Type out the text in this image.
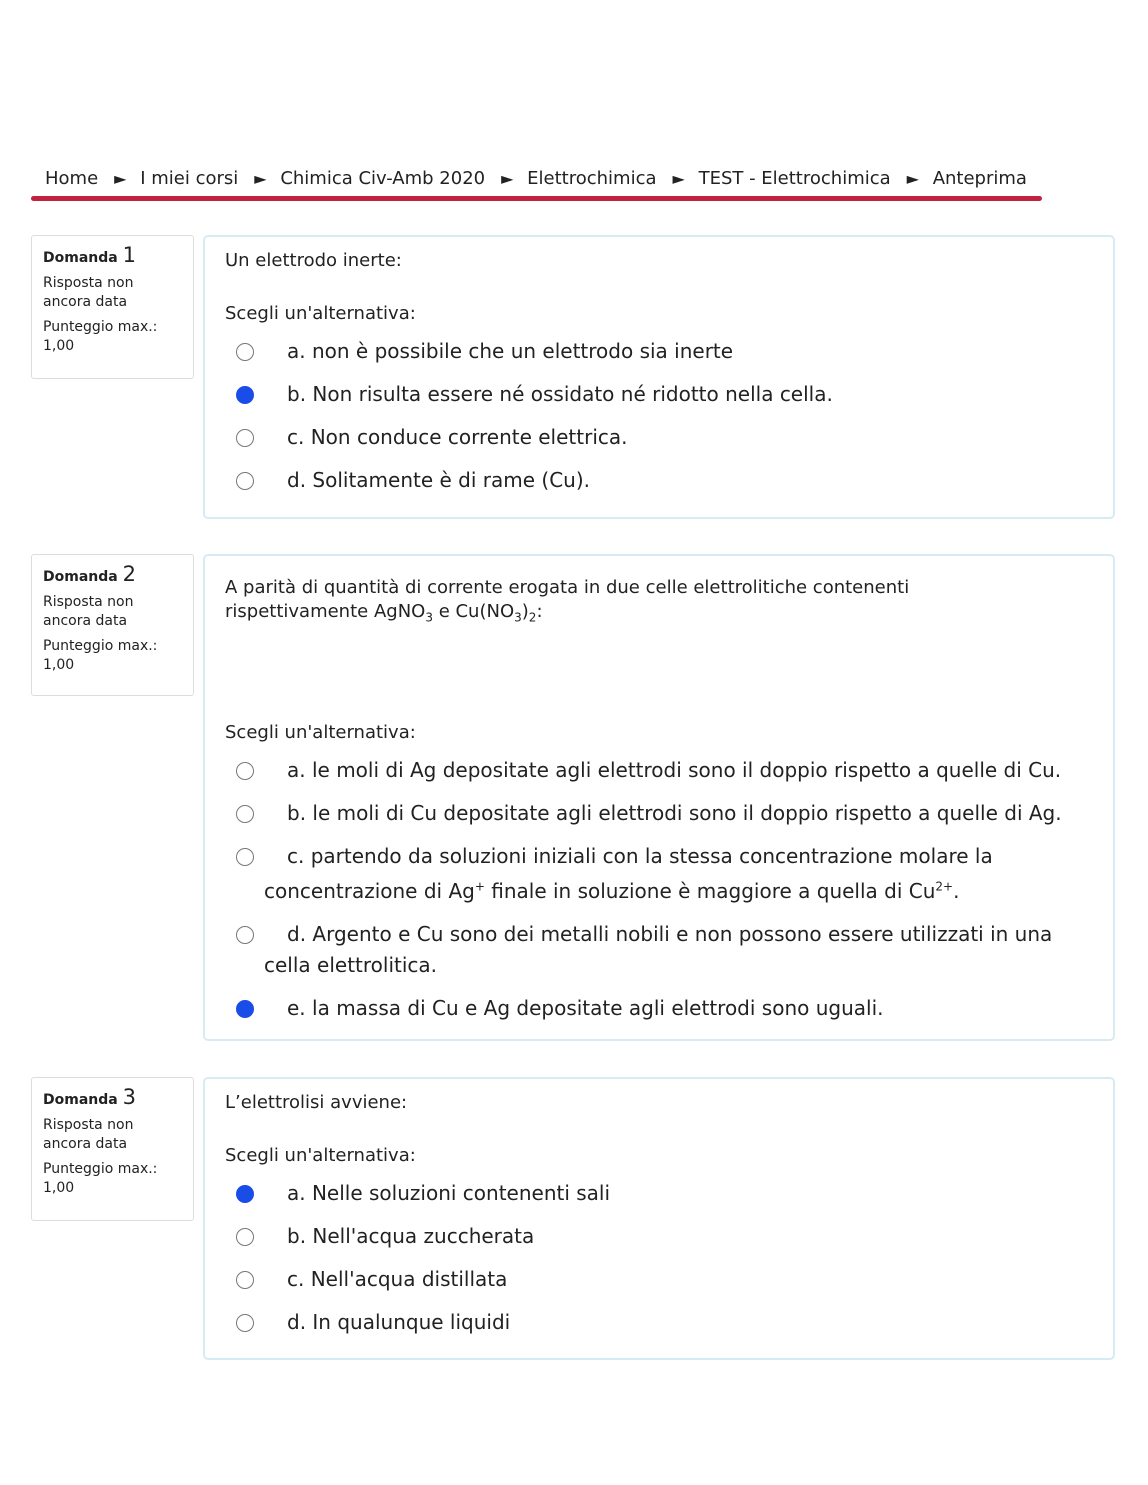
Home ► I miei corsi ► Chimica Civ-Amb 2020 ► Elettrochimica ► TEST - Elettrochimica ► Anteprima
Domanda 1
Risposta non ancora data
Punteggio max.:
1,00
Un elettrodo inerte:
Scegli un'alternativa:
a. non è possibile che un elettrodo sia inerte
b. Non risulta essere né ossidato né ridotto nella cella.
c. Non conduce corrente elettrica.
d. Solitamente è di rame (Cu).
Domanda 2
Risposta non ancora data
Punteggio max.:
1,00
A parità di quantità di corrente erogata in due celle elettrolitiche contenenti rispettivamente AgNO$_3$ e $Cu(NO_3)_2$:
Scegli un'alternativa:
a. le moli di Ag depositate agli elettrodi sono il doppio rispetto a quelle di Cu.
b. le moli di Cu depositate agli elettrodi sono il doppio rispetto a quelle di Ag.
c. partendo da soluzioni iniziali con la stessa concentrazione molare la concentrazione di Ag+ finale in soluzione è maggiore a quella di $Cu^{2+}$.
d. Argento e Cu sono dei metalli nobili e non possono essere utilizzati in una cella elettrolitica.
e. la massa di Cu e Ag depositate agli elettrodi sono uguali.
Domanda 3
Risposta non ancora data
Punteggio max.:
1,00
L’elettrolisi avviene:
Scegli un'alternativa:
a. Nelle soluzioni contenenti sali
b. Nell'acqua zuccherata
c. Nell'acqua distillata
d. In qualunque liquidi
